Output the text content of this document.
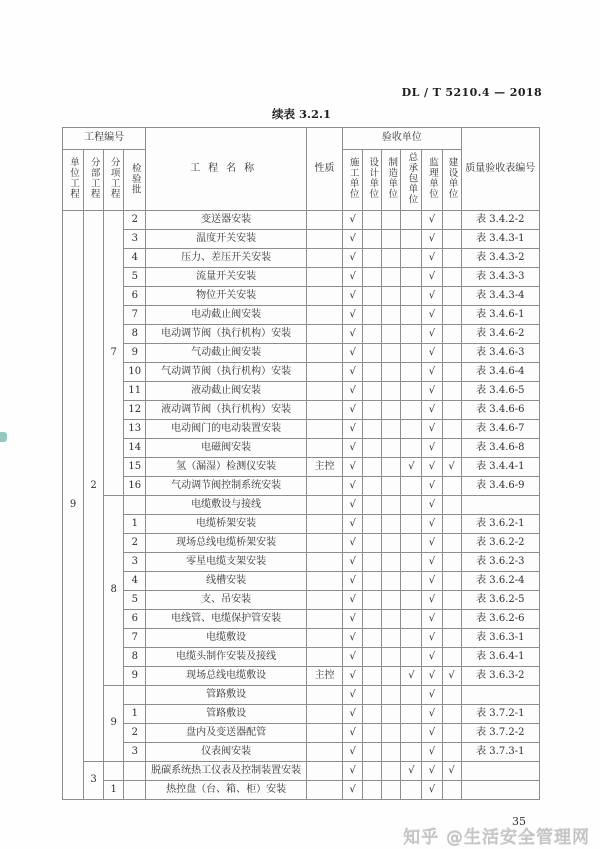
DL / T 5210.4 — 2018
续表 3.2.1
工程编号				工程名称	性质	验收单位						质量验收表编号
单位工程	分部工程	分项工程	检验批			施工单位	设计单位	制造单位	总承包单位	监理单位	建设单位	
9	2	7	2	变送器安装		√				√		表 3.4.2-2
			3	温度开关安装		√				√		表 3.4.3-1
			4	压力、差压开关安装		√				√		表 3.4.3-2
			5	流量开关安装		√				√		表 3.4.3-3
			6	物位开关安装		√				√		表 3.4.3-4
			7	电动截止阀安装		√				√		表 3.4.6-1
			8	电动调节阀（执行机构）安装		√				√		表 3.4.6-2
			9	气动截止阀安装		√				√		表 3.4.6-3
			10	气动调节阀（执行机构）安装		√				√		表 3.4.6-4
			11	液动截止阀安装		√				√		表 3.4.6-5
			12	液动调节阀（执行机构）安装		√				√		表 3.4.6-6
			13	电动阀门的电动装置安装		√				√		表 3.4.6-7
			14	电磁阀安装		√				√		表 3.4.6-8
			15	氢（漏湿）检测仪安装	主控	√			√	√	√	表 3.4.4-1
			16	气动调节阀控制系统安装		√				√		表 3.4.6-9
		8		电缆敷设与接线		√				√		
			1	电缆桥架安装		√				√		表 3.6.2-1
			2	现场总线电缆桥架安装		√				√		表 3.6.2-2
			3	零星电缆支架安装		√				√		表 3.6.2-3
			4	线槽安装		√				√		表 3.6.2-4
			5	支、吊安装		√				√		表 3.6.2-5
			6	电线管、电缆保护管安装		√				√		表 3.6.2-6
			7	电缆敷设		√				√		表 3.6.3-1
			8	电缆头制作安装及接线		√				√		表 3.6.4-1
			9	现场总线电缆敷设	主控	√			√	√	√	表 3.6.3-2
		9		管路敷设		√				√		
			1	管路敷设		√				√		表 3.7.2-1
			2	盘内及变送器配管		√				√		表 3.7.2-2
			3	仪表阀安装		√				√		表 3.7.3-1
	3			脱碳系统热工仪表及控制装置安装		√			√	√	√	
		1		热控盘（台、箱、柜）安装		√				√		
35
知乎 @生活安全管理网
